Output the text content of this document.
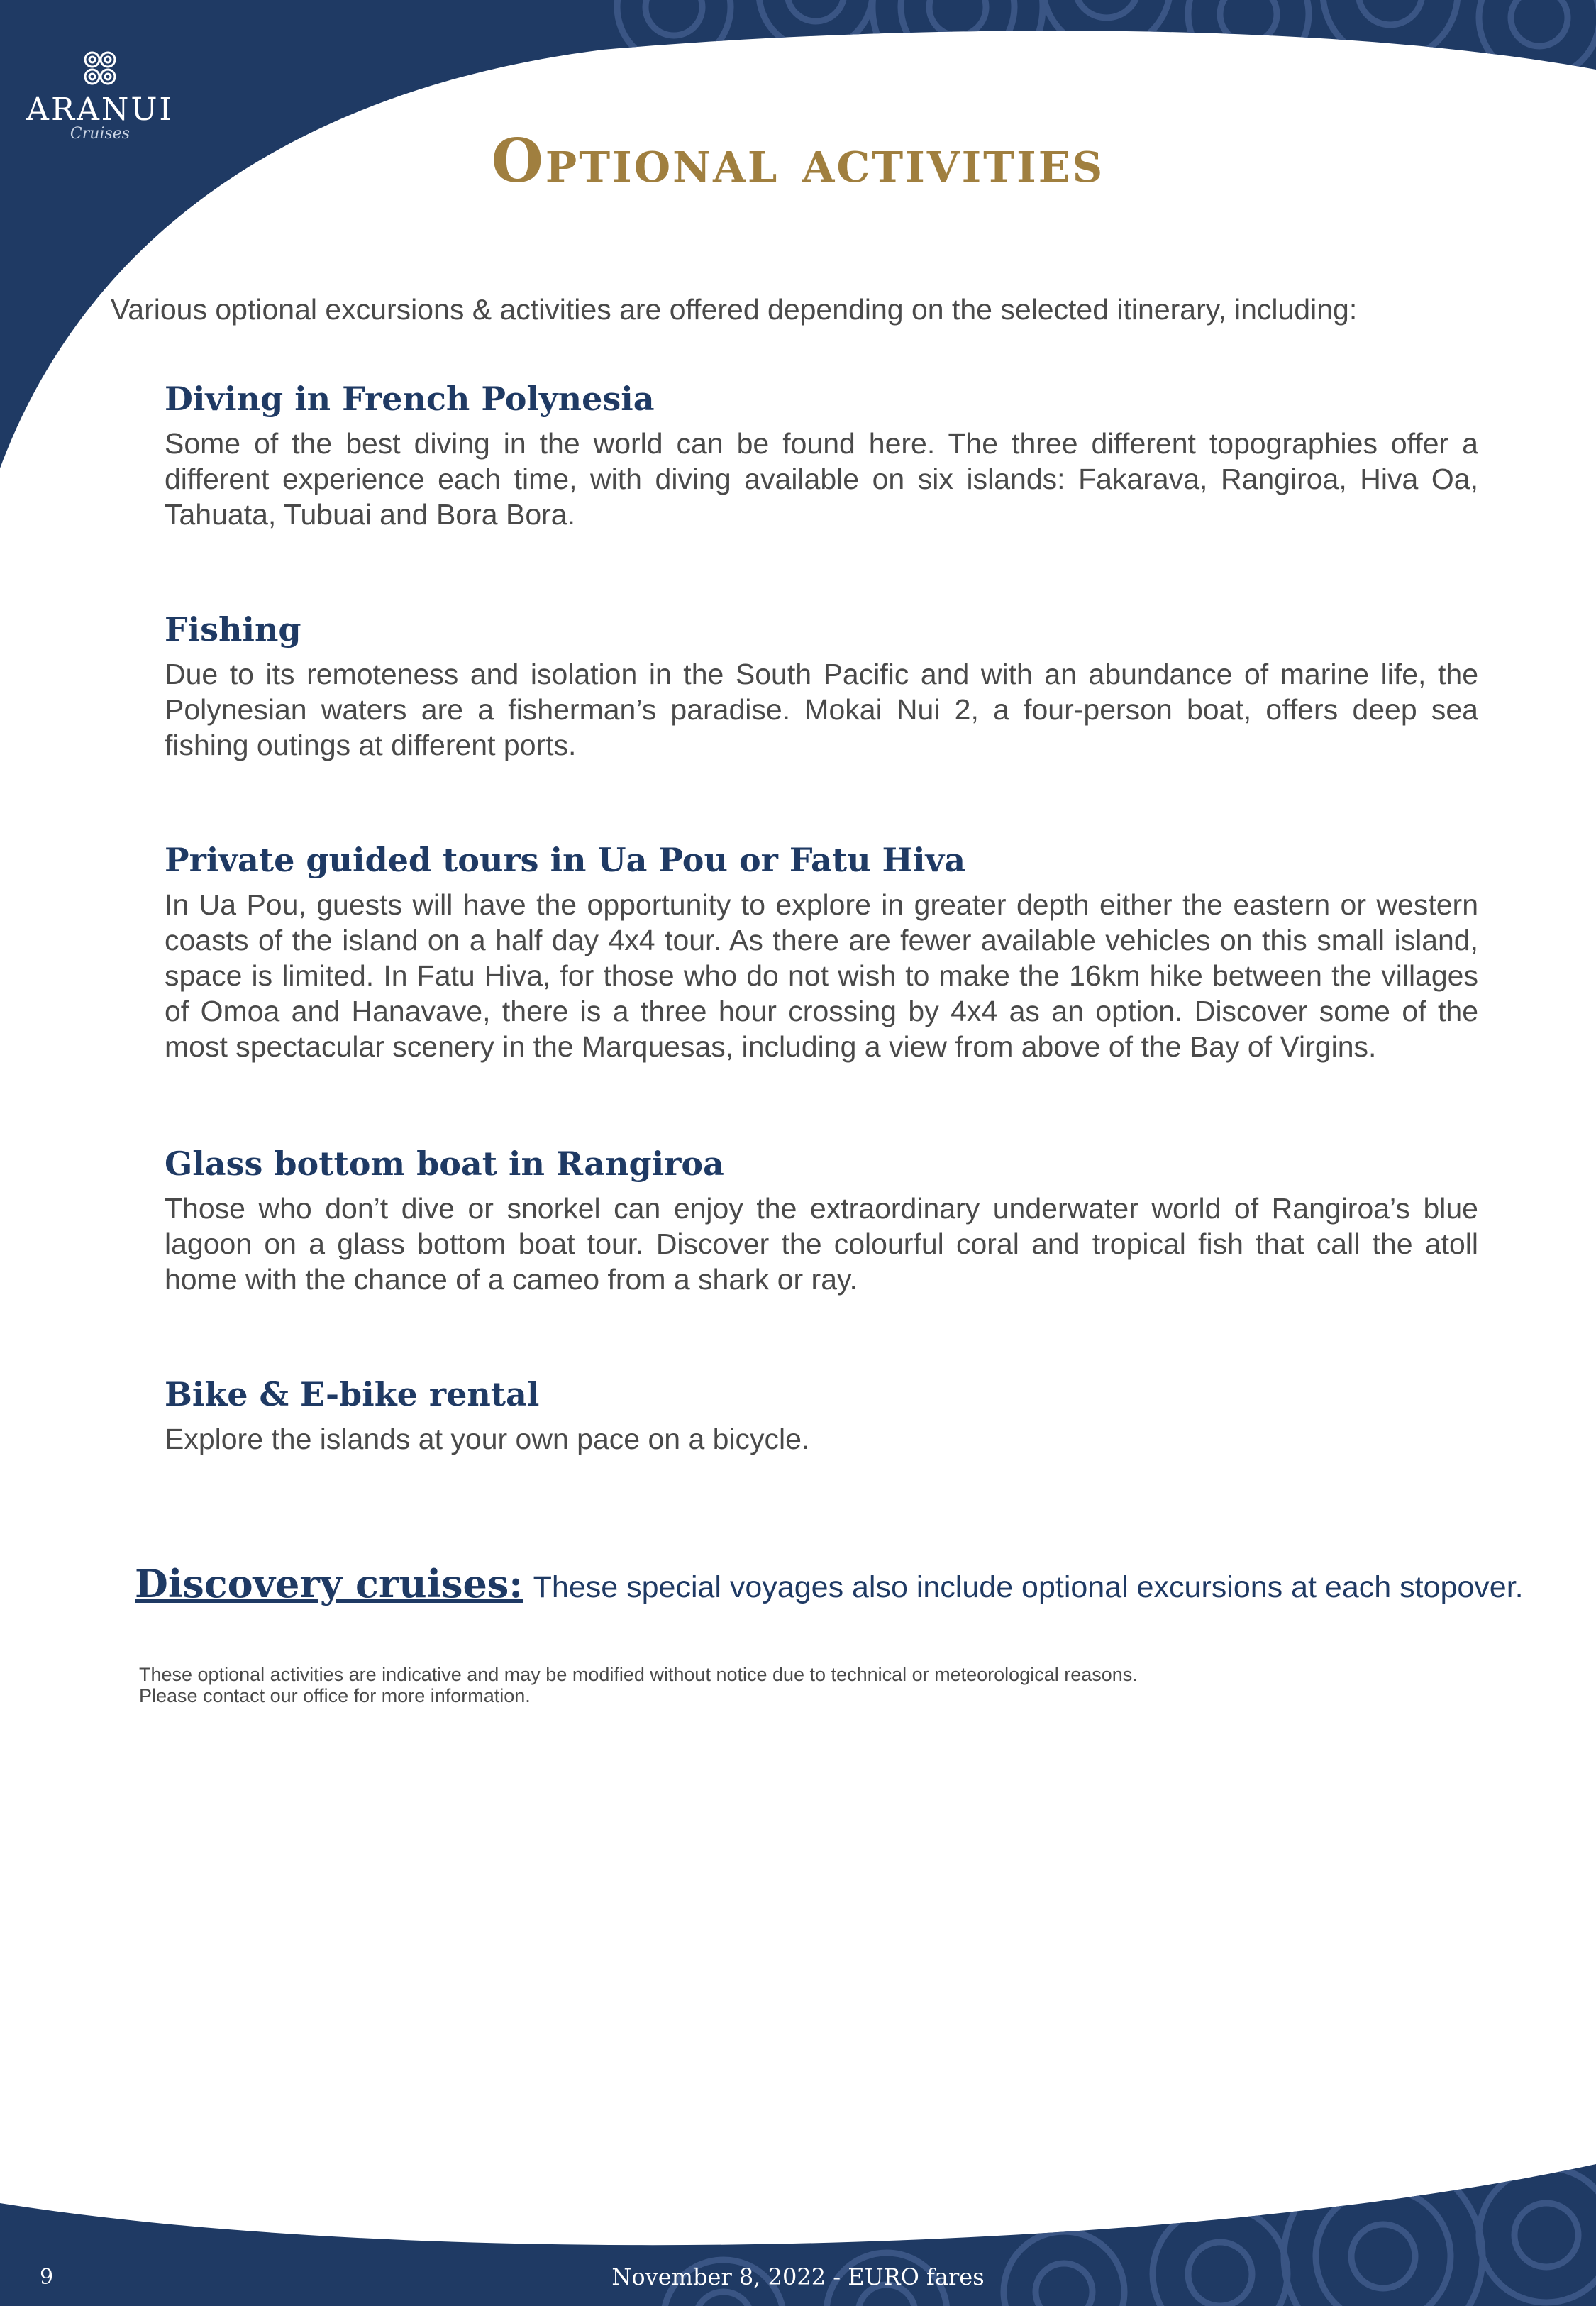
ARANUI
Cruises	Optional activities
Various optional excursions & activities are offered depending on the selected itinerary, including:
Diving in French Polynesia

Some of the best diving in the world can be found here. The three different topographies offer a different experience each time, with diving available on six islands: Fakarava, Rangiroa, Hiva Oa, Tahuata, Tubuai and Bora Bora.

Fishing

Due to its remoteness and isolation in the South Pacific and with an abundance of marine life, the Polynesian waters are a fisherman’s paradise. Mokai Nui 2, a four-person boat, offers deep sea fishing outings at different ports.

Private guided tours in Ua Pou or Fatu Hiva

In Ua Pou, guests will have the opportunity to explore in greater depth either the eastern or western coasts of the island on a half day 4x4 tour. As there are fewer available vehicles on this small island, space is limited. In Fatu Hiva, for those who do not wish to make the 16km hike between the villages of Omoa and Hanavave, there is a three hour crossing by 4x4 as an option. Discover some of the most spectacular scenery in the Marquesas, including a view from above of the Bay of Virgins.

Glass bottom boat in Rangiroa

Those who don’t dive or snorkel can enjoy the extraordinary underwater world of Rangiroa’s blue lagoon on a glass bottom boat tour. Discover the colourful coral and tropical fish that call the atoll home with the chance of a cameo from a shark or ray.

Bike & E-bike rental

Explore the islands at your own pace on a bicycle.

Discovery cruises: These special voyages also include optional excursions at each stopover.
These optional activities are indicative and may be modified without notice due to technical or meteorological reasons.
Please contact our office for more information.
9	November 8, 2022 - EURO fares
